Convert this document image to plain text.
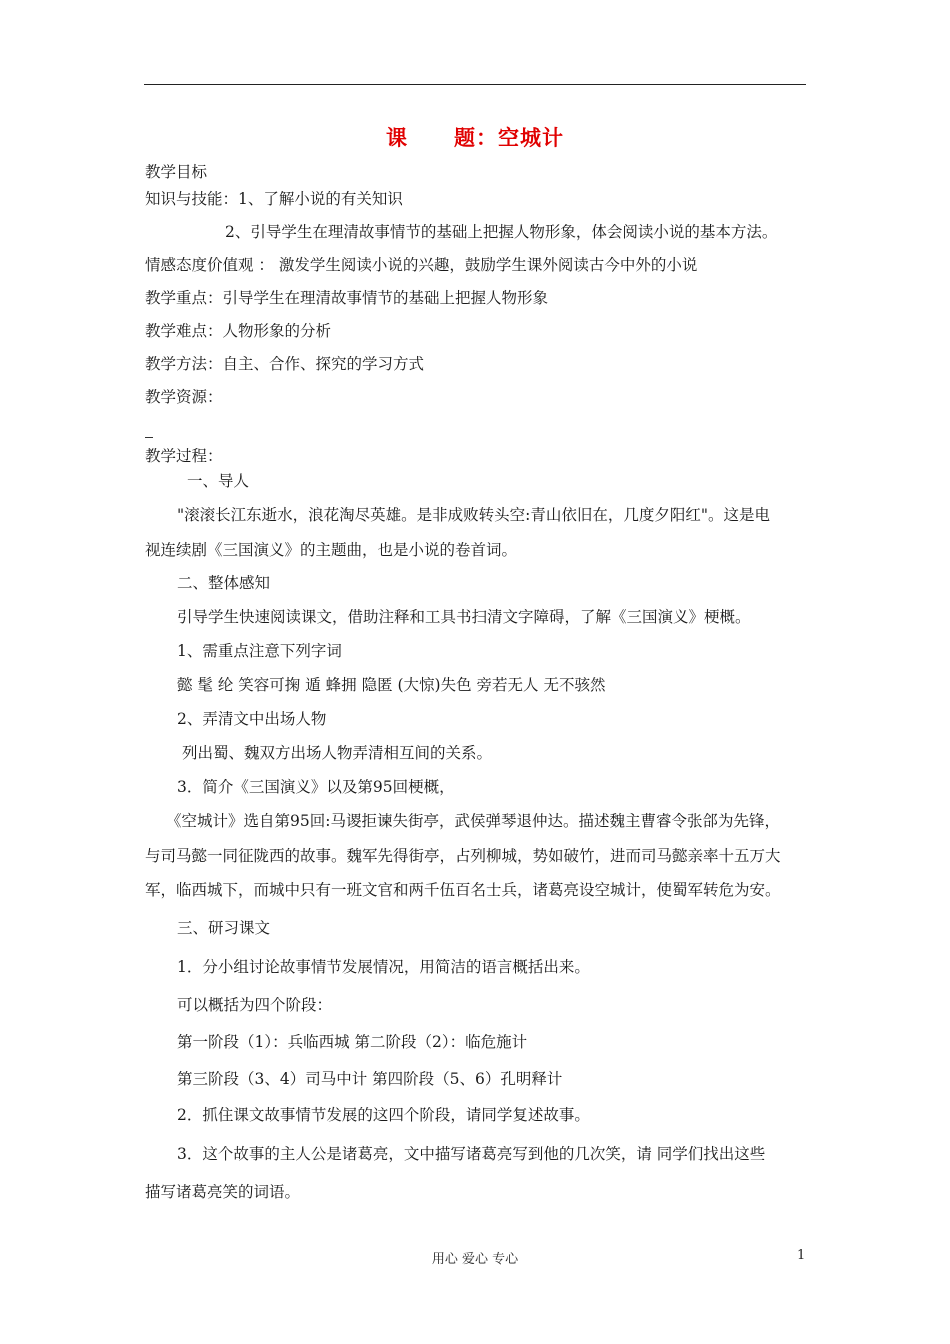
课 题：空城计
教学目标
知识与技能：1、了解小说的有关知识
2、引导学生在理清故事情节的基础上把握人物形象，体会阅读小说的基本方法。
情感态度价值观 ： 激发学生阅读小说的兴趣，鼓励学生课外阅读古今中外的小说
教学重点：引导学生在理清故事情节的基础上把握人物形象
教学难点：人物形象的分析
教学方法：自主、合作、探究的学习方式
教学资源：
教学过程：
一、导人
"滚滚长江东逝水，浪花淘尽英雄。是非成败转头空:青山依旧在，几度夕阳红"。这是电
视连续剧《三国演义》的主题曲，也是小说的卷首词。
二、整体感知
引导学生快速阅读课文，借助注释和工具书扫清文字障碍，了解《三国演义》梗概。
1、需重点注意下列字词
懿 髦 纶 笑容可掬 遁 蜂拥 隐匿 (大惊)失色 旁若无人 无不骇然
2、弄清文中出场人物
列出蜀、魏双方出场人物弄清相互间的关系。
3．简介《三国演义》以及第95回梗概，
《空城计》选自第95回:马谡拒谏失街亭，武侯弹琴退仲达。描述魏主曹睿令张郃为先锋，
与司马懿一同征陇西的故事。魏军先得街亭，占列柳城，势如破竹，进而司马懿亲率十五万大
军，临西城下，而城中只有一班文官和两千伍百名士兵，诸葛亮设空城计，使蜀军转危为安。
三、研习课文
1．分小组讨论故事情节发展情况，用简洁的语言概括出来。
可以概括为四个阶段：
第一阶段（1）：兵临西城 第二阶段（2）：临危施计
第三阶段（3、4）司马中计 第四阶段（5、6）孔明释计
2．抓住课文故事情节发展的这四个阶段，请同学复述故事。
3．这个故事的主人公是诸葛亮，文中描写诸葛亮写到他的几次笑，请 同学们找出这些
描写诸葛亮笑的词语。
用心 爱心 专心	1
